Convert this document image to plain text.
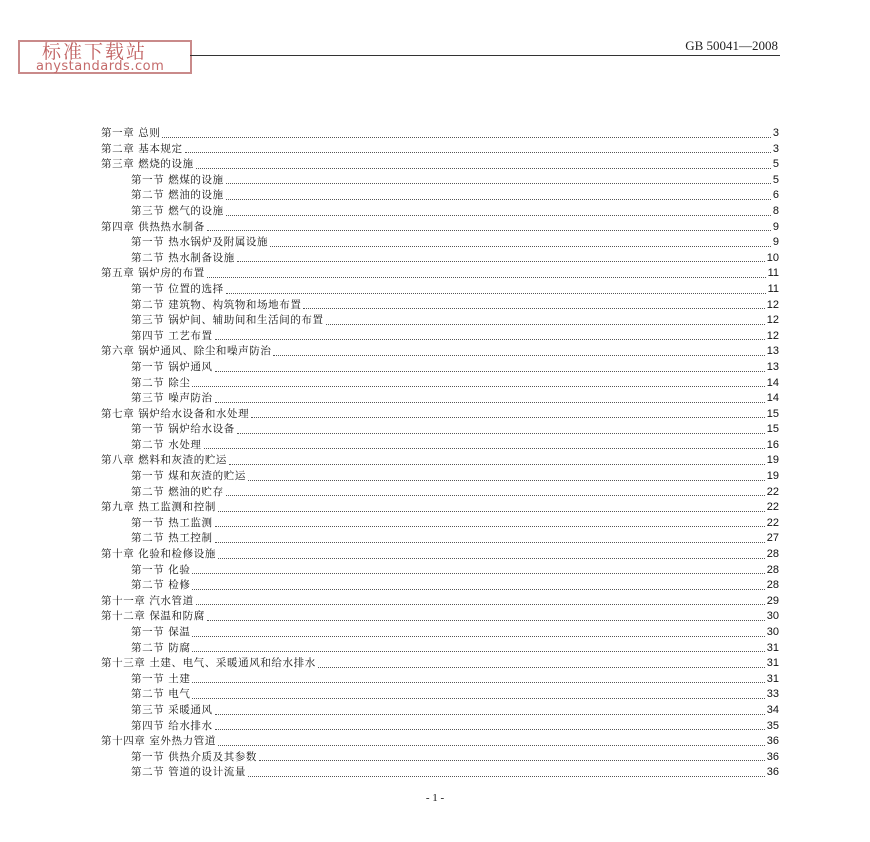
标准下载站
anystandards.com
GB 50041—2008
第一章 总则	3
第二章 基本规定	3
第三章 燃烧的设施	5
第一节 燃煤的设施	5
第二节 燃油的设施	6
第三节 燃气的设施	8
第四章 供热热水制备	9
第一节 热水锅炉及附属设施	9
第二节 热水制备设施	10
第五章 锅炉房的布置	11
第一节 位置的选择	11
第二节 建筑物、构筑物和场地布置	12
第三节 锅炉间、辅助间和生活间的布置	12
第四节 工艺布置	12
第六章 锅炉通风、除尘和噪声防治	13
第一节 锅炉通风	13
第二节 除尘	14
第三节 噪声防治	14
第七章 锅炉给水设备和水处理	15
第一节 锅炉给水设备	15
第二节 水处理	16
第八章 燃料和灰渣的贮运	19
第一节 煤和灰渣的贮运	19
第二节 燃油的贮存	22
第九章 热工监测和控制	22
第一节 热工监测	22
第二节 热工控制	27
第十章 化验和检修设施	28
第一节 化验	28
第二节 检修	28
第十一章 汽水管道	29
第十二章 保温和防腐	30
第一节 保温	30
第二节 防腐	31
第十三章 土建、电气、采暖通风和给水排水	31
第一节 土建	31
第二节 电气	33
第三节 采暖通风	34
第四节 给水排水	35
第十四章 室外热力管道	36
第一节 供热介质及其参数	36
第二节 管道的设计流量	36
- 1 -
